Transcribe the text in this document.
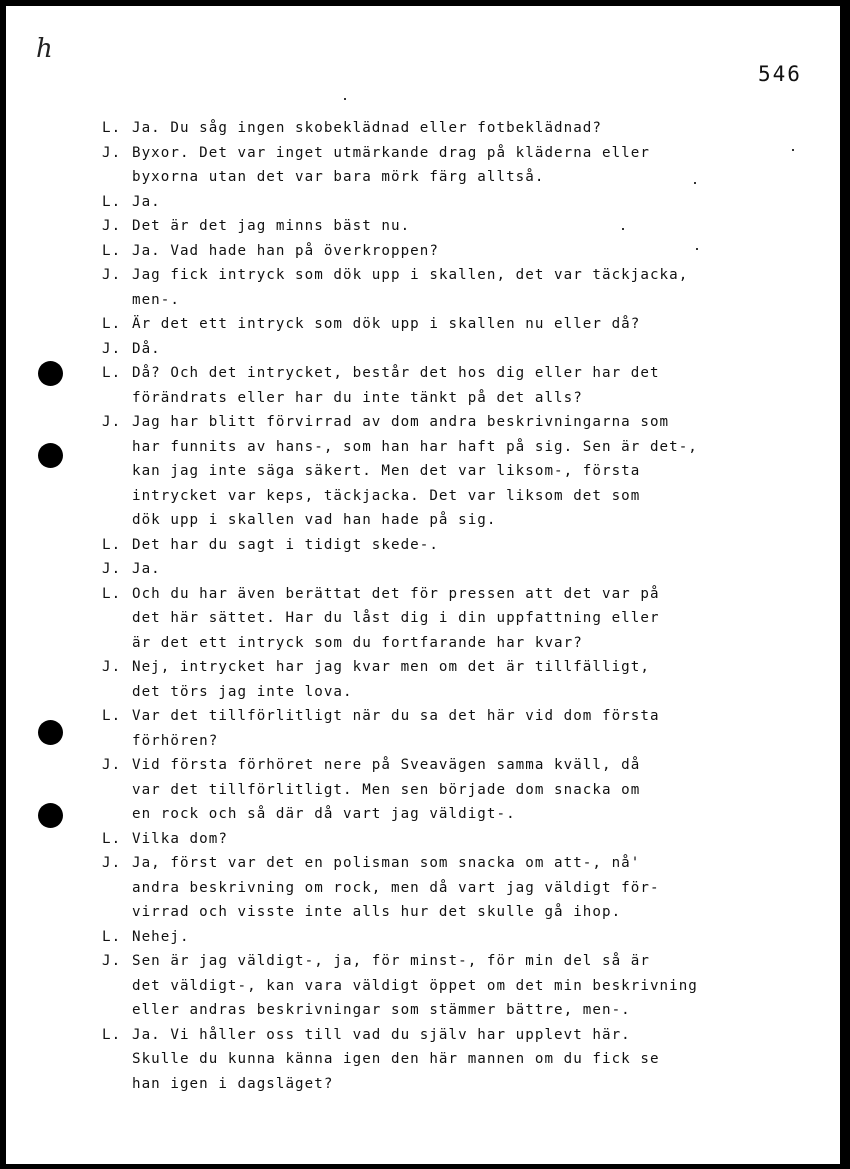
h
546
L. Ja. Du såg ingen skobeklädnad eller fotbeklädnad?
J. Byxor. Det var inget utmärkande drag på kläderna eller
byxorna utan det var bara mörk färg alltså.
L. Ja.
J. Det är det jag minns bäst nu.
L. Ja. Vad hade han på överkroppen?
J. Jag fick intryck som dök upp i skallen, det var täckjacka,
men-.
L. Är det ett intryck som dök upp i skallen nu eller då?
J. Då.
L. Då? Och det intrycket, består det hos dig eller har det
förändrats eller har du inte tänkt på det alls?
J. Jag har blitt förvirrad av dom andra beskrivningarna som
har funnits av hans-, som han har haft på sig. Sen är det-,
kan jag inte säga säkert. Men det var liksom-, första
intrycket var keps, täckjacka. Det var liksom det som
dök upp i skallen vad han hade på sig.
L. Det har du sagt i tidigt skede-.
J. Ja.
L. Och du har även berättat det för pressen att det var på
det här sättet. Har du låst dig i din uppfattning eller
är det ett intryck som du fortfarande har kvar?
J. Nej, intrycket har jag kvar men om det är tillfälligt,
det törs jag inte lova.
L. Var det tillförlitligt när du sa det här vid dom första
förhören?
J. Vid första förhöret nere på Sveavägen samma kväll, då
var det tillförlitligt. Men sen började dom snacka om
en rock och så där då vart jag väldigt-.
L. Vilka dom?
J. Ja, först var det en polisman som snacka om att-, nå'
andra beskrivning om rock, men då vart jag väldigt för-
virrad och visste inte alls hur det skulle gå ihop.
L. Nehej.
J. Sen är jag väldigt-, ja, för minst-, för min del så är
det väldigt-, kan vara väldigt öppet om det min beskrivning
eller andras beskrivningar som stämmer bättre, men-.
L. Ja. Vi håller oss till vad du själv har upplevt här.
Skulle du kunna känna igen den här mannen om du fick se
han igen i dagsläget?
